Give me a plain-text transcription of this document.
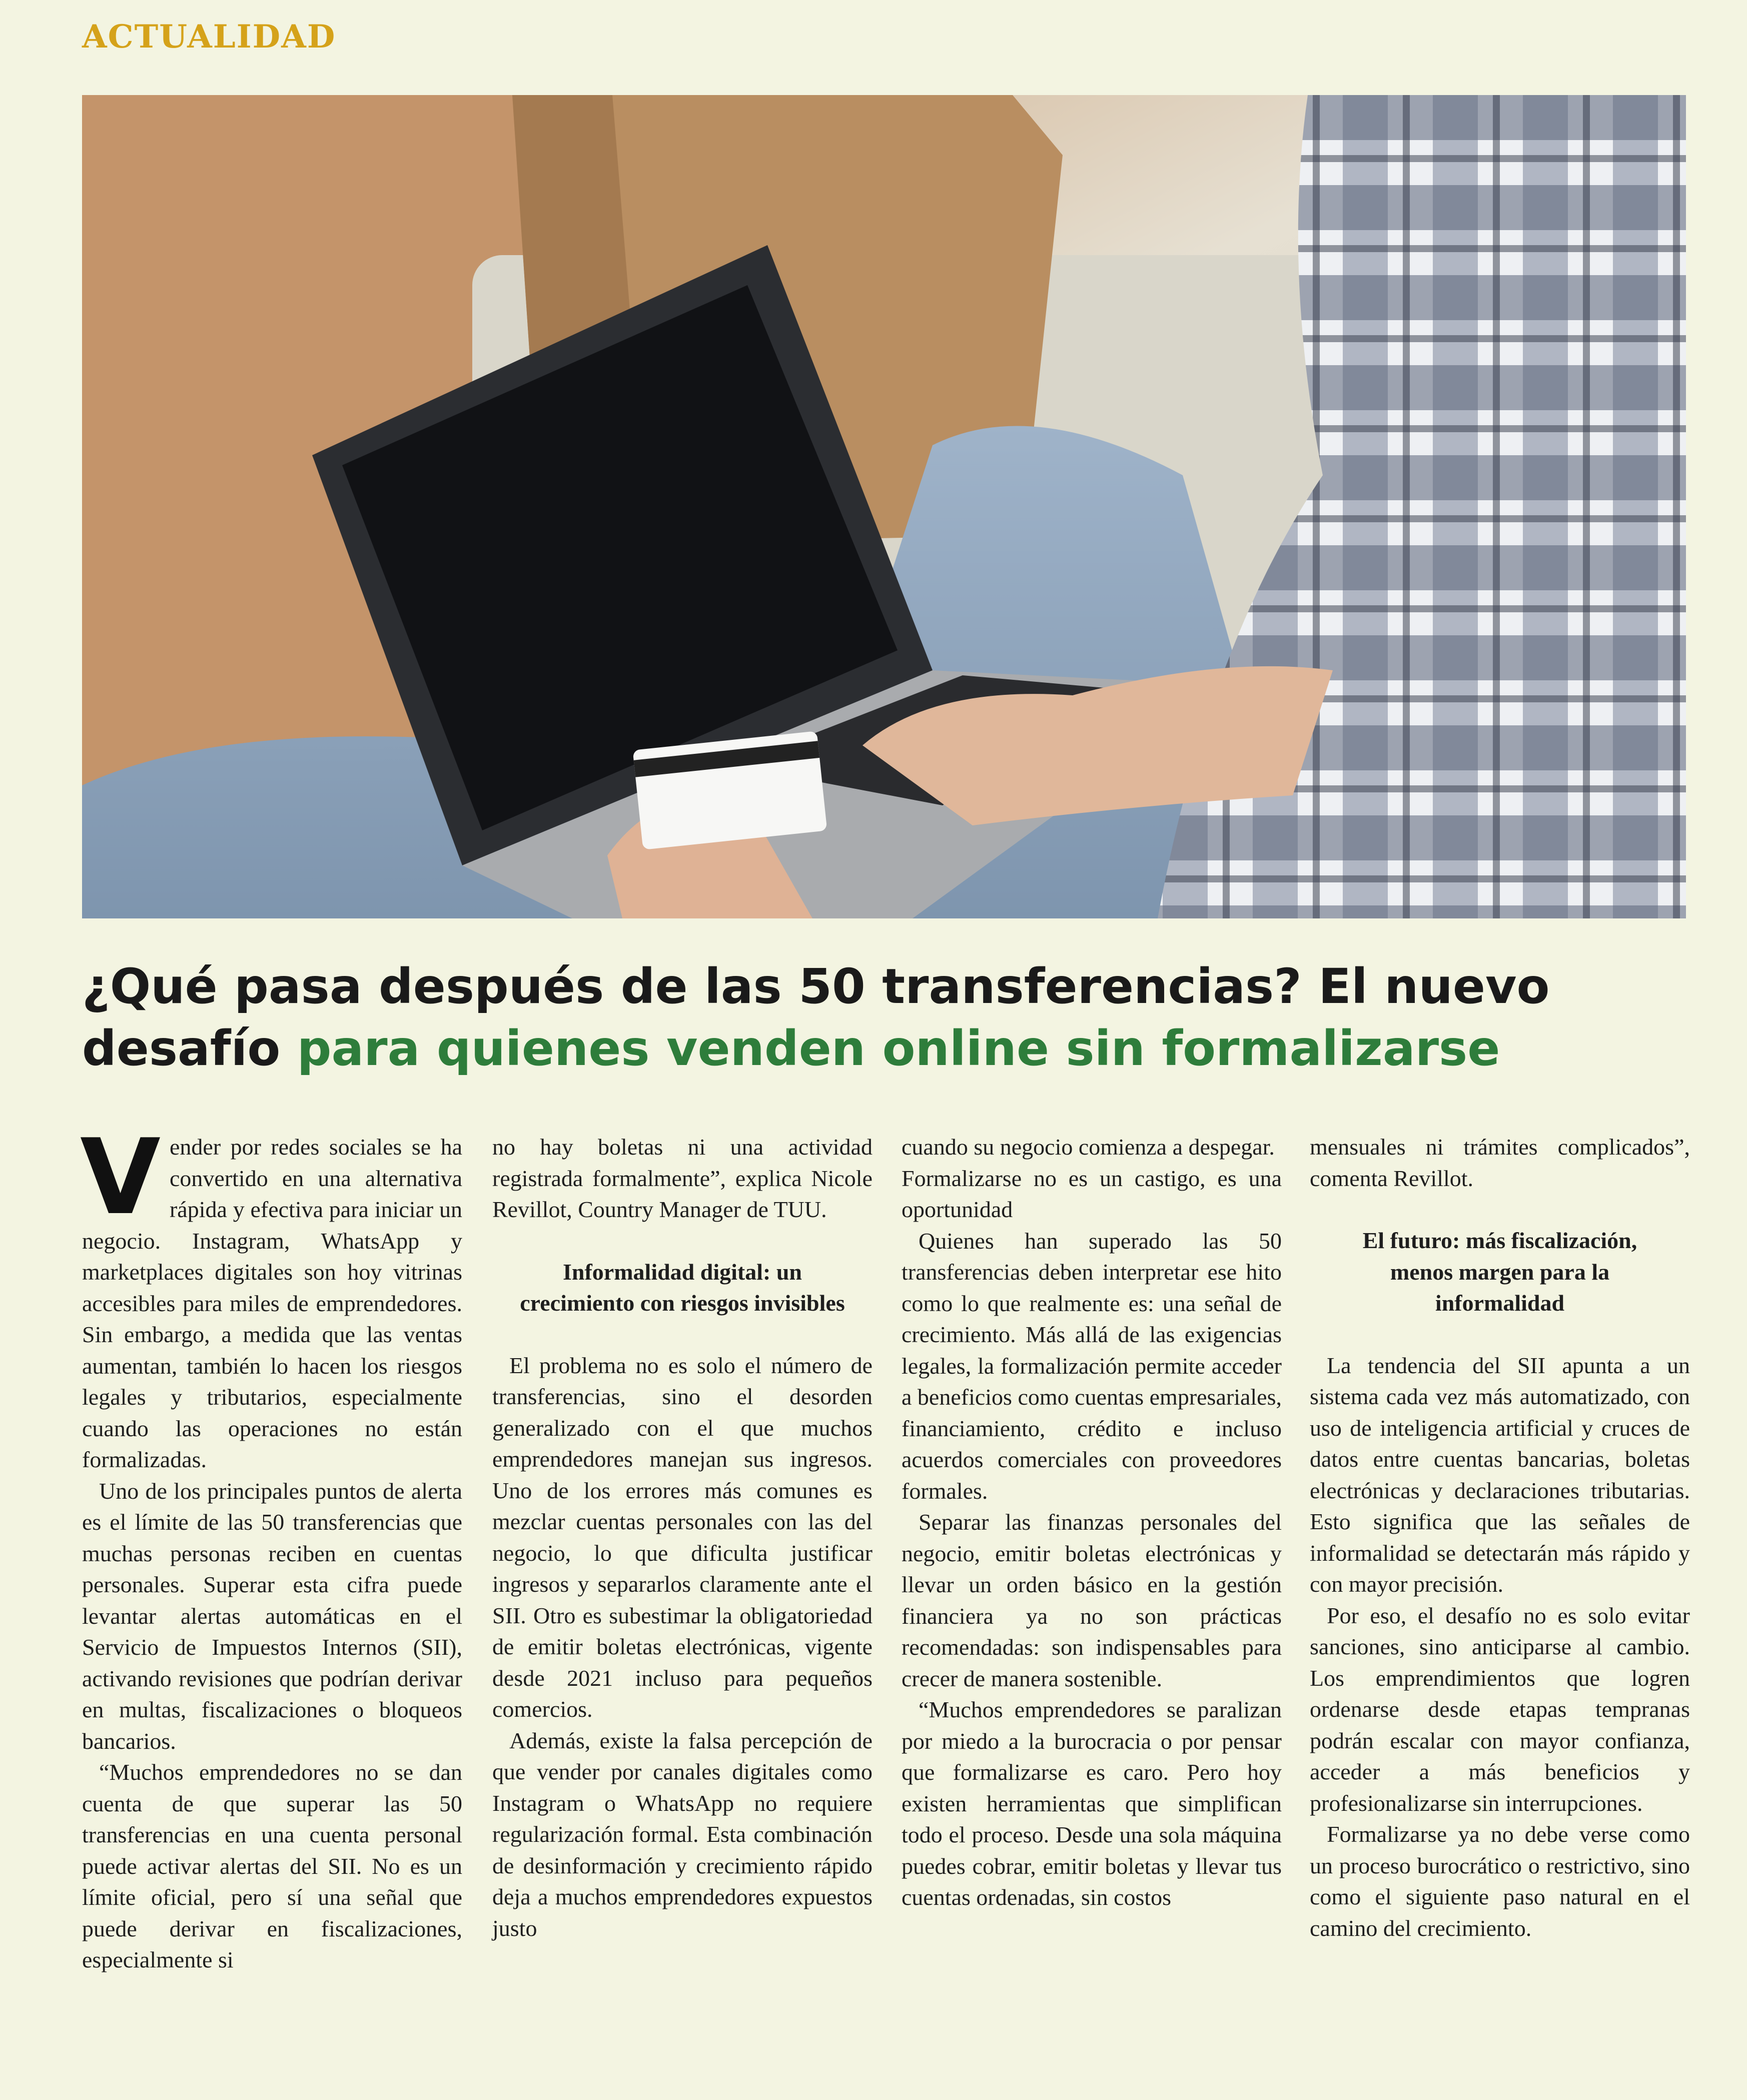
ACTUALIDAD
¿Qué pasa después de las 50 transferencias? El nuevo desafío para quienes venden online sin formalizarse

Vender por redes sociales se ha convertido en una alternativa rápida y efectiva para iniciar un negocio. Instagram, WhatsApp y marketplaces digitales son hoy vitrinas accesibles para miles de emprendedores. Sin embargo, a medida que las ventas aumentan, también lo hacen los riesgos legales y tributarios, especialmente cuando las operaciones no están formalizadas.

Uno de los principales puntos de alerta es el límite de las 50 transferencias que muchas personas reciben en cuentas personales. Superar esta cifra puede levantar alertas automáticas en el Servicio de Impuestos Internos (SII), activando revisiones que podrían derivar en multas, fiscalizaciones o bloqueos bancarios.

“Muchos emprendedores no se dan cuenta de que superar las 50 transferencias en una cuenta personal puede activar alertas del SII. No es un límite oficial, pero sí una señal que puede derivar en fiscalizaciones, especialmente si

no hay boletas ni una actividad registrada formalmente”, explica Nicole Revillot, Country Manager de TUU.

Informalidad digital: un crecimiento con riesgos invisibles

El problema no es solo el número de transferencias, sino el desorden generalizado con el que muchos emprendedores manejan sus ingresos. Uno de los errores más comunes es mezclar cuentas personales con las del negocio, lo que dificulta justificar ingresos y separarlos claramente ante el SII. Otro es subestimar la obligatoriedad de emitir boletas electrónicas, vigente desde 2021 incluso para pequeños comercios.

Además, existe la falsa percepción de que vender por canales digitales como Instagram o WhatsApp no requiere regularización formal. Esta combinación de desinformación y crecimiento rápido deja a muchos emprendedores expuestos justo

cuando su negocio comienza a despegar.

Formalizarse no es un castigo, es una oportunidad

Quienes han superado las 50 transferencias deben interpretar ese hito como lo que realmente es: una señal de crecimiento. Más allá de las exigencias legales, la formalización permite acceder a beneficios como cuentas empresariales, financiamiento, crédito e incluso acuerdos comerciales con proveedores formales.

Separar las finanzas personales del negocio, emitir boletas electrónicas y llevar un orden básico en la gestión financiera ya no son prácticas recomendadas: son indispensables para crecer de manera sostenible.

“Muchos emprendedores se paralizan por miedo a la burocracia o por pensar que formalizarse es caro. Pero hoy existen herramientas que simplifican todo el proceso. Desde una sola máquina puedes cobrar, emitir boletas y llevar tus cuentas ordenadas, sin costos

mensuales ni trámites complicados”, comenta Revillot.

El futuro: más fiscalización, menos margen para la informalidad

La tendencia del SII apunta a un sistema cada vez más automatizado, con uso de inteligencia artificial y cruces de datos entre cuentas bancarias, boletas electrónicas y declaraciones tributarias. Esto significa que las señales de informalidad se detectarán más rápido y con mayor precisión.

Por eso, el desafío no es solo evitar sanciones, sino anticiparse al cambio. Los emprendimientos que logren ordenarse desde etapas tempranas podrán escalar con mayor confianza, acceder a más beneficios y profesionalizarse sin interrupciones.

Formalizarse ya no debe verse como un proceso burocrático o restrictivo, sino como el siguiente paso natural en el camino del crecimiento.
